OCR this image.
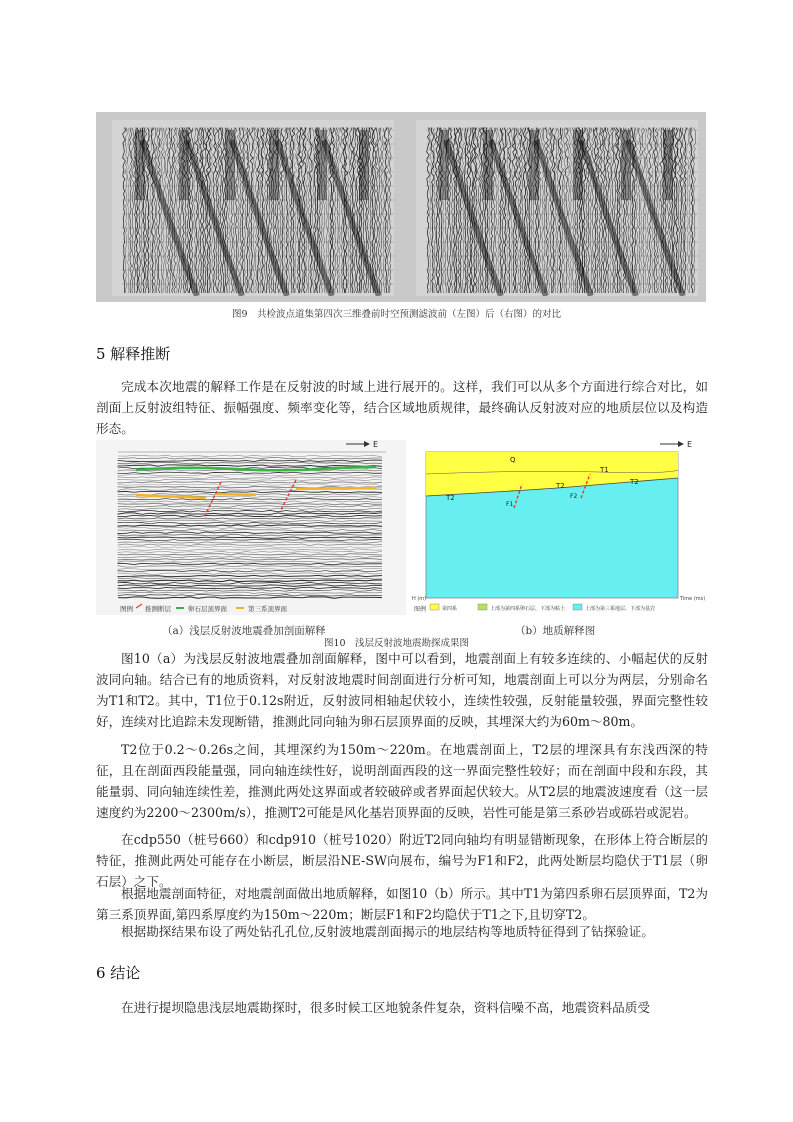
图9　共检波点道集第四次三维叠前时空预测滤波前（左图）后（右图）的对比
5 解释推断
完成本次地震的解释工作是在反射波的时域上进行展开的。这样，我们可以从多个方面进行综合对比，如剖面上反射波组特征、振幅强度、频率变化等，结合区域地质规律，最终确认反射波对应的地质层位以及构造形态。
E
图例 推测断层	卵石层顶界面	第三系顶界面
E
Q
T1
T2
T2	T2
F1
F2
H (m)	Time (ms)
图例	第四系	上部为第四系卵石层、下部为粘土	上部为第三系地层、下部为基岩
（a）浅层反射波地震叠加剖面解释	（b）地质解释图
图10　浅层反射波地震勘探成果图
图10（a）为浅层反射波地震叠加剖面解释，图中可以看到，地震剖面上有较多连续的、小幅起伏的反射波同向轴。结合已有的地质资料，对反射波地震时间剖面进行分析可知，地震剖面上可以分为两层，分别命名为T1和T2。其中，T1位于0.12s附近，反射波同相轴起伏较小，连续性较强，反射能量较强，界面完整性较好，连续对比追踪未发现断错，推测此同向轴为卵石层顶界面的反映，其埋深大约为60m～80m。
T2位于0.2～0.26s之间，其埋深约为150m～220m。在地震剖面上，T2层的埋深具有东浅西深的特征，且在剖面西段能量强，同向轴连续性好，说明剖面西段的这一界面完整性较好；而在剖面中段和东段，其能量弱、同向轴连续性差，推测此两处这界面或者较破碎或者界面起伏较大。从T2层的地震波速度看（这一层速度约为2200～2300m/s），推测T2可能是风化基岩顶界面的反映，岩性可能是第三系砂岩或砾岩或泥岩。
在cdp550（桩号660）和cdp910（桩号1020）附近T2同向轴均有明显错断现象，在形体上符合断层的特征，推测此两处可能存在小断层，断层沿NE-SW向展布，编号为F1和F2，此两处断层均隐伏于T1层（卵石层）之下。
根据地震剖面特征，对地震剖面做出地质解释，如图10（b）所示。其中T1为第四系卵石层顶界面，T2为第三系顶界面,第四系厚度约为150m～220m；断层F1和F2均隐伏于T1之下,且切穿T2。
根据勘探结果布设了两处钻孔孔位,反射波地震剖面揭示的地层结构等地质特征得到了钻探验证。
6 结论
在进行提坝隐患浅层地震勘探时，很多时候工区地貌条件复杂，资料信噪不高，地震资料品质受
